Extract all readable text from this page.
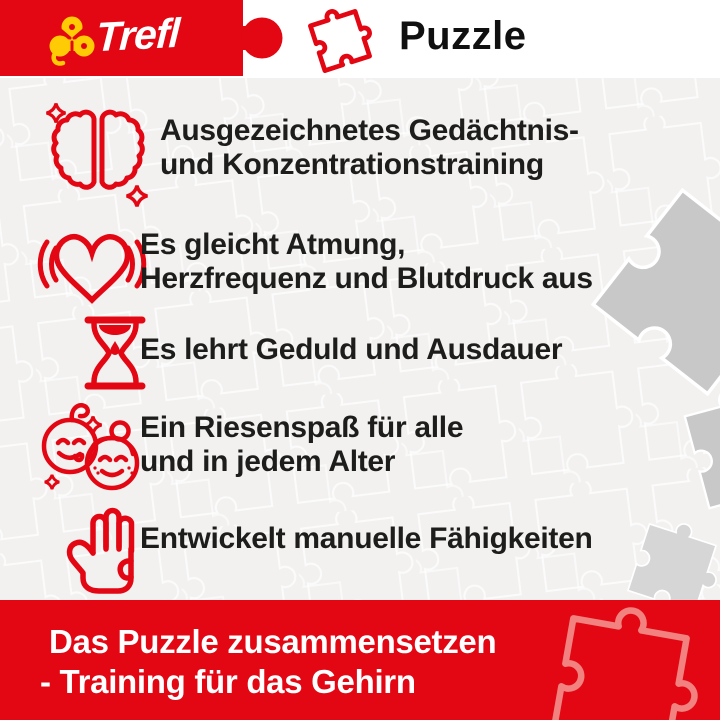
Trefl	Puzzle
Ausgezeichnetes Gedächtnis-
und Konzentrationstraining
Es gleicht Atmung,
Herzfrequenz und Blutdruck aus
Es lehrt Geduld und Ausdauer
Ein Riesenspaß für alle
und in jedem Alter
Entwickelt manuelle Fähigkeiten
Das Puzzle zusammensetzen
- Training für das Gehirn
